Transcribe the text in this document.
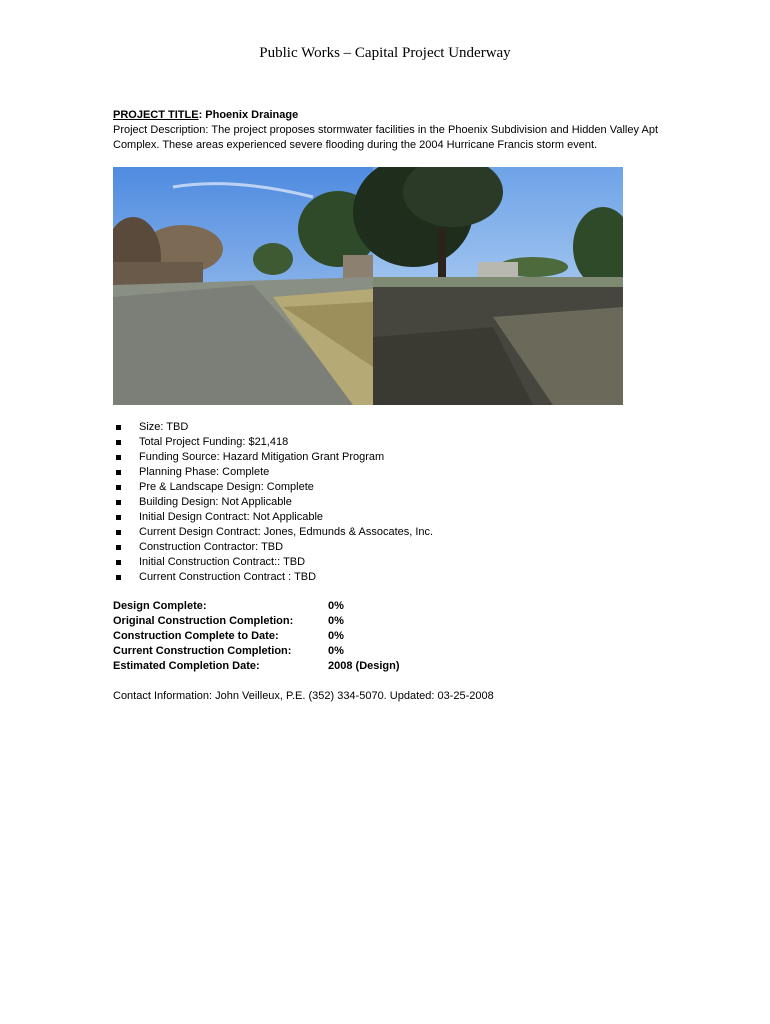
Public Works – Capital Project Underway
PROJECT TITLE: Phoenix Drainage
Project Description: The project proposes stormwater facilities in the Phoenix Subdivision and Hidden Valley Apt Complex. These areas experienced severe flooding during the 2004 Hurricane Francis storm event.
Size: TBD
Total Project Funding: $21,418
Funding Source: Hazard Mitigation Grant Program
Planning Phase: Complete
Pre & Landscape Design: Complete
Building Design: Not Applicable
Initial Design Contract: Not Applicable
Current Design Contract: Jones, Edmunds & Assocates, Inc.
Construction Contractor: TBD
Initial Construction Contract:: TBD
Current Construction Contract : TBD
Design Complete:	0%
Original Construction Completion:	0%
Construction Complete to Date:	0%
Current Construction Completion:	0%
Estimated Completion Date:	2008 (Design)
Contact Information: John Veilleux, P.E. (352) 334-5070. Updated: 03-25-2008
